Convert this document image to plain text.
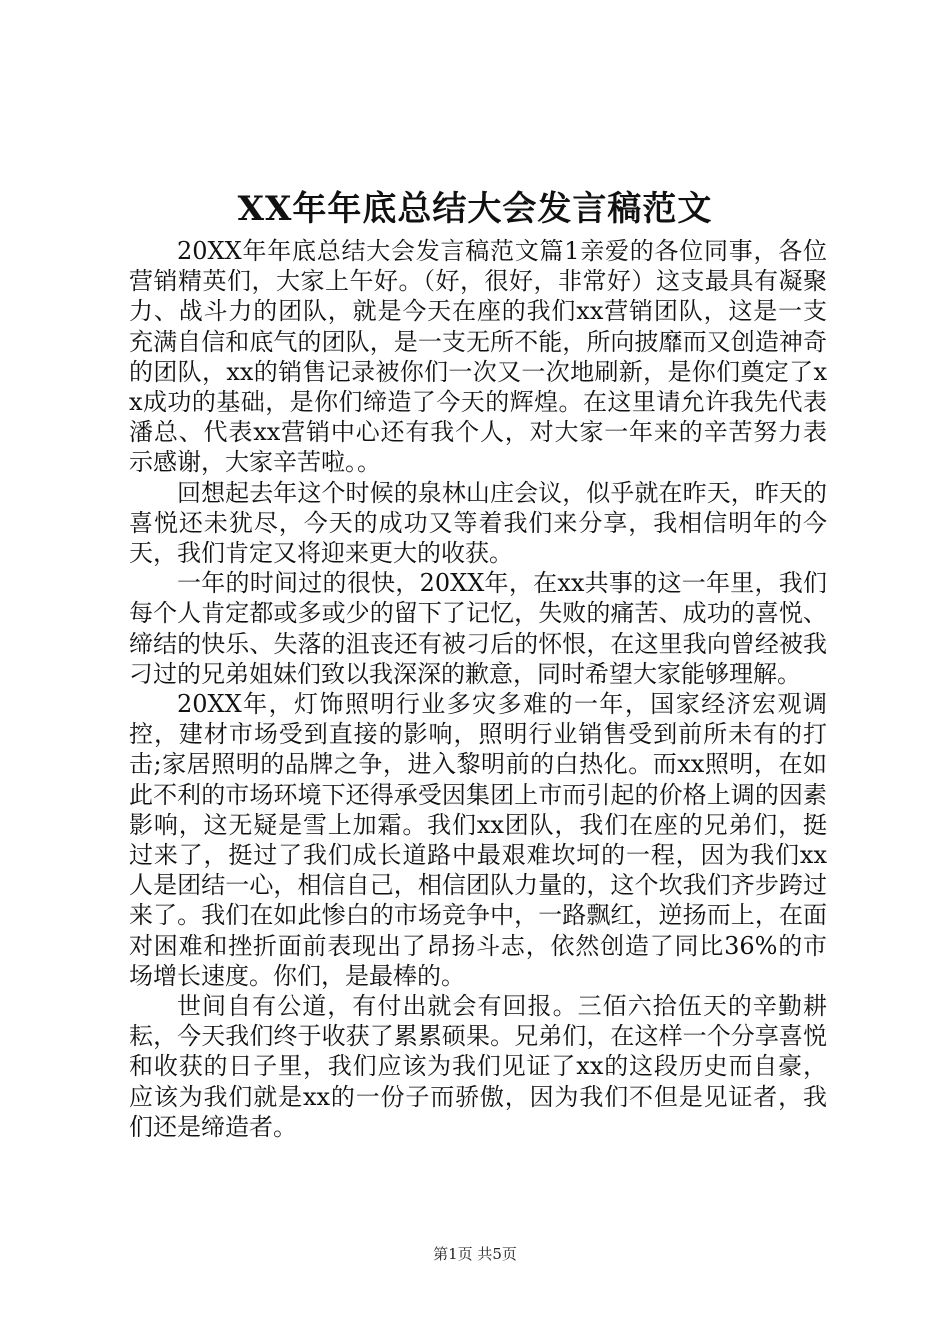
XX年年底总结大会发言稿范文

20XX年年底总结大会发言稿范文篇1亲爱的各位同事，各位营销精英们，大家上午好。（好，很好，非常好）这支最具有凝聚力、战斗力的团队，就是今天在座的我们xx营销团队，这是一支充满自信和底气的团队，是一支无所不能，所向披靡而又创造神奇的团队，xx的销售记录被你们一次又一次地刷新，是你们奠定了xx成功的基础，是你们缔造了今天的辉煌。在这里请允许我先代表潘总、代表xx营销中心还有我个人，对大家一年来的辛苦努力表示感谢，大家辛苦啦。。

回想起去年这个时候的泉林山庄会议，似乎就在昨天，昨天的喜悦还未犹尽，今天的成功又等着我们来分享，我相信明年的今天，我们肯定又将迎来更大的收获。

一年的时间过的很快，20XX年，在xx共事的这一年里，我们每个人肯定都或多或少的留下了记忆，失败的痛苦、成功的喜悦、缔结的快乐、失落的沮丧还有被刁后的怀恨，在这里我向曾经被我刁过的兄弟姐妹们致以我深深的歉意，同时希望大家能够理解。

20XX年，灯饰照明行业多灾多难的一年，国家经济宏观调控，建材市场受到直接的影响，照明行业销售受到前所未有的打击;家居照明的品牌之争，进入黎明前的白热化。而xx照明，在如此不利的市场环境下还得承受因集团上市而引起的价格上调的因素影响，这无疑是雪上加霜。我们xx团队，我们在座的兄弟们，挺过来了，挺过了我们成长道路中最艰难坎坷的一程，因为我们xx人是团结一心，相信自己，相信团队力量的，这个坎我们齐步跨过来了。我们在如此惨白的市场竞争中，一路飘红，逆扬而上，在面对困难和挫折面前表现出了昂扬斗志，依然创造了同比36%的市场增长速度。你们，是最棒的。

世间自有公道，有付出就会有回报。三佰六拾伍天的辛勤耕耘，今天我们终于收获了累累硕果。兄弟们，在这样一个分享喜悦和收获的日子里，我们应该为我们见证了xx的这段历史而自豪，应该为我们就是xx的一份子而骄傲，因为我们不但是见证者，我们还是缔造者。

第1页 共5页
